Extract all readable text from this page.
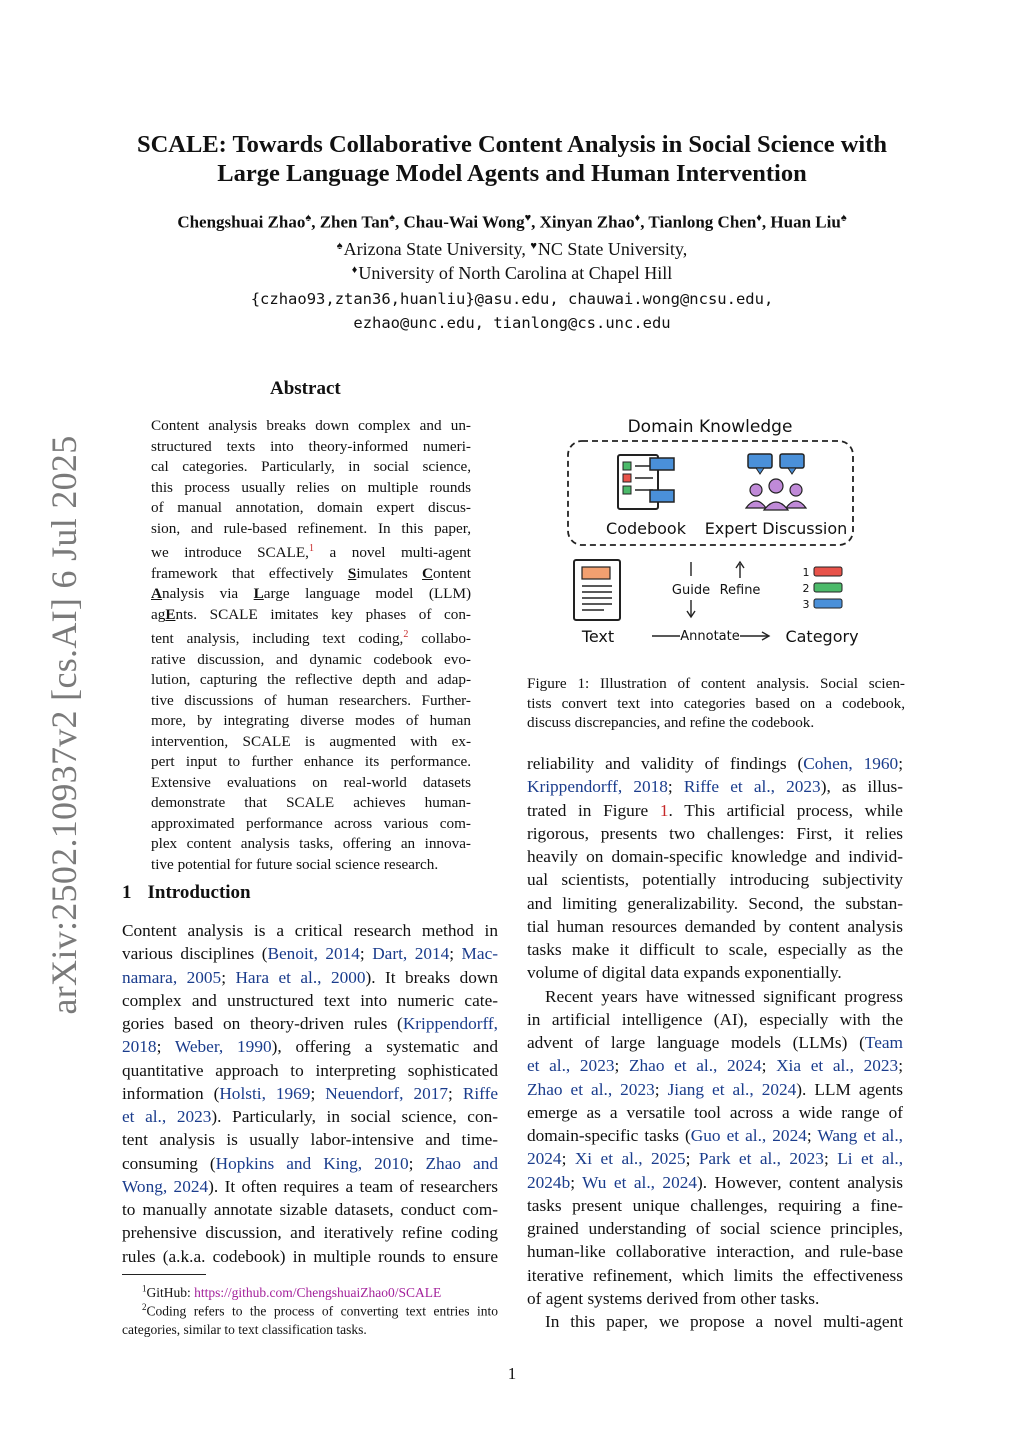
arXiv:2502.10937v2 [cs.AI] 6 Jul 2025
SCALE: Towards Collaborative Content Analysis in Social Science with
Large Language Model Agents and Human Intervention
Chengshuai Zhao♠, Zhen Tan♠, Chau-Wai Wong♥, Xinyan Zhao♦, Tianlong Chen♦, Huan Liu♠
♠Arizona State University, ♥NC State University,
♦University of North Carolina at Chapel Hill
{czhao93,ztan36,huanliu}@asu.edu, chauwai.wong@ncsu.edu,
ezhao@unc.edu, tianlong@cs.unc.edu
Abstract
Content analysis breaks down complex and un-
structured texts into theory-informed numeri-
cal categories. Particularly, in social science,
this process usually relies on multiple rounds
of manual annotation, domain expert discus-
sion, and rule-based refinement. In this paper,
we introduce SCALE,$^1$ a novel multi-agent
framework that effectively Simulates Content
Analysis via Large language model (LLM)
agEnts. SCALE imitates key phases of con-
tent analysis, including text coding,$^2$ collabo-
rative discussion, and dynamic codebook evo-
lution, capturing the reflective depth and adap-
tive discussions of human researchers. Further-
more, by integrating diverse modes of human
intervention, SCALE is augmented with ex-
pert input to further enhance its performance.
Extensive evaluations on real-world datasets
demonstrate that SCALE achieves human-
approximated performance across various com-
plex content analysis tasks, offering an innova-
tive potential for future social science research.
1 Introduction
Content analysis is a critical research method in
various disciplines (Benoit, 2014; Dart, 2014; Mac-
namara, 2005; Hara et al., 2000). It breaks down
complex and unstructured text into numeric cate-
gories based on theory-driven rules (Krippendorff,
2018; Weber, 1990), offering a systematic and
quantitative approach to interpreting sophisticated
information (Holsti, 1969; Neuendorf, 2017; Riffe
et al., 2023). Particularly, in social science, con-
tent analysis is usually labor-intensive and time-
consuming (Hopkins and King, 2010; Zhao and
Wong, 2024). It often requires a team of researchers
to manually annotate sizable datasets, conduct com-
prehensive discussion, and iteratively refine coding
rules (a.k.a. codebook) in multiple rounds to ensure
$^1$GitHub: https://github.com/ChengshuaiZhao0/SCALE
$^2$Coding refers to the process of converting text entries into
categories, similar to text classification tasks.
Domain Knowledge
Codebook Expert Discussion
Text
Guide Refine
Annotate
1
2
3
Category
Figure 1: Illustration of content analysis. Social scien-
tists convert text into categories based on a codebook,
discuss discrepancies, and refine the codebook.
reliability and validity of findings (Cohen, 1960;
Krippendorff, 2018; Riffe et al., 2023), as illus-
trated in Figure 1. This artificial process, while
rigorous, presents two challenges: First, it relies
heavily on domain-specific knowledge and individ-
ual scientists, potentially introducing subjectivity
and limiting generalizability. Second, the substan-
tial human resources demanded by content analysis
tasks make it difficult to scale, especially as the
volume of digital data expands exponentially.
Recent years have witnessed significant progress
in artificial intelligence (AI), especially with the
advent of large language models (LLMs) (Team
et al., 2023; Zhao et al., 2024; Xia et al., 2023;
Zhao et al., 2023; Jiang et al., 2024). LLM agents
emerge as a versatile tool across a wide range of
domain-specific tasks (Guo et al., 2024; Wang et al.,
2024; Xi et al., 2025; Park et al., 2023; Li et al.,
2024b; Wu et al., 2024). However, content analysis
tasks present unique challenges, requiring a fine-
grained understanding of social science principles,
human-like collaborative interaction, and rule-base
iterative refinement, which limits the effectiveness
of agent systems derived from other tasks.
In this paper, we propose a novel multi-agent
1
